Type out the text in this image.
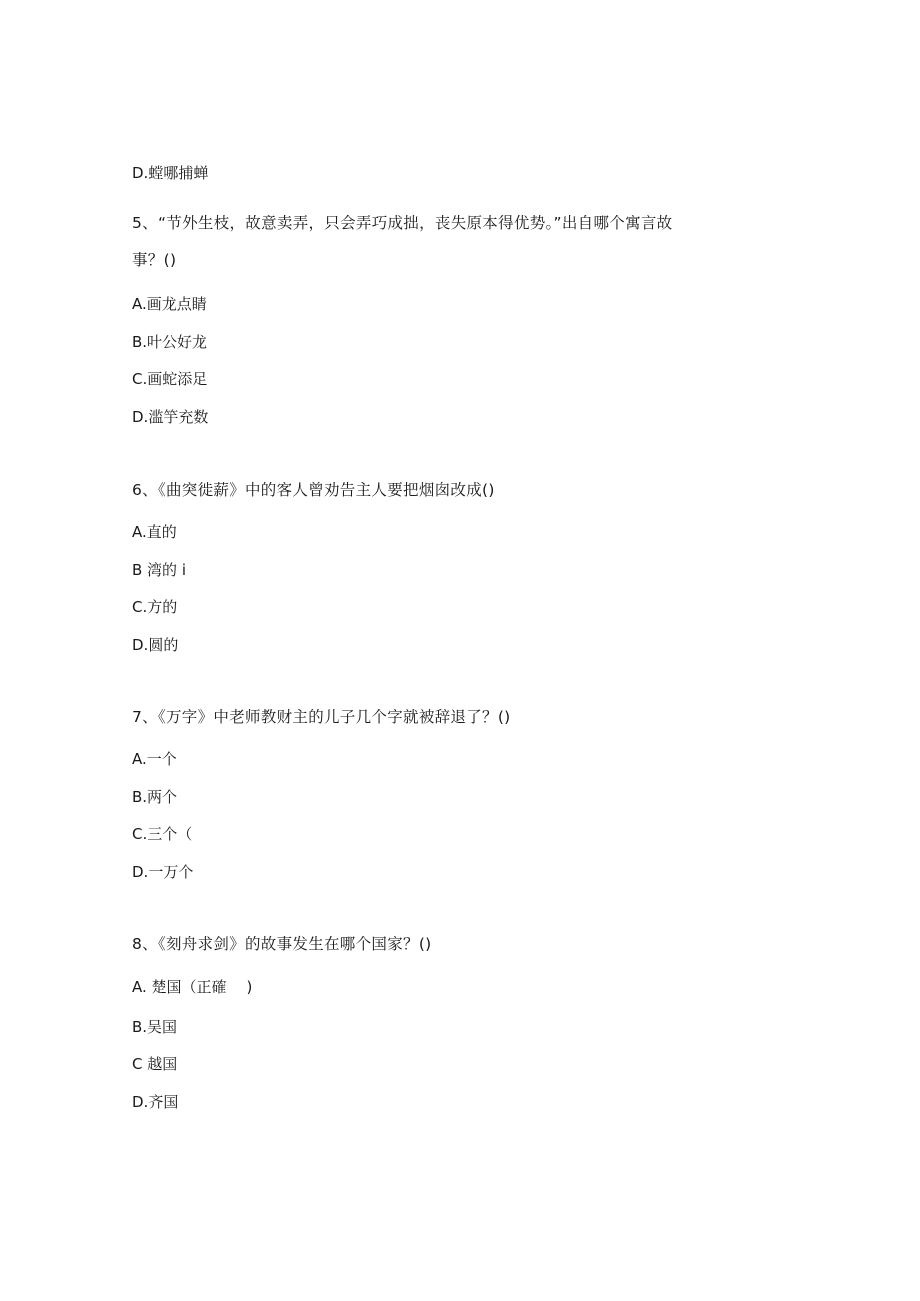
D.螳哪捕蝉

5、“节外生枝，故意卖弄，只会弄巧成拙，丧失原本得优势。”出自哪个寓言故

事？()

A.画龙点睛

B.叶公好龙

C.画蛇添足

D.滥竽充数

6、《曲突徙薪》中的客人曾劝告主人要把烟囱改成()

A.直的

B 湾的 i

C.方的

D.圆的

7、《万字》中老师教财主的儿子几个字就被辞退了？()

A.一个

B.两个

C.三个（

D.一万个

8、《刻舟求剑》的故事发生在哪个国家？()

A. 楚国（正確	)

B.吴国

C 越国

D.齐国
